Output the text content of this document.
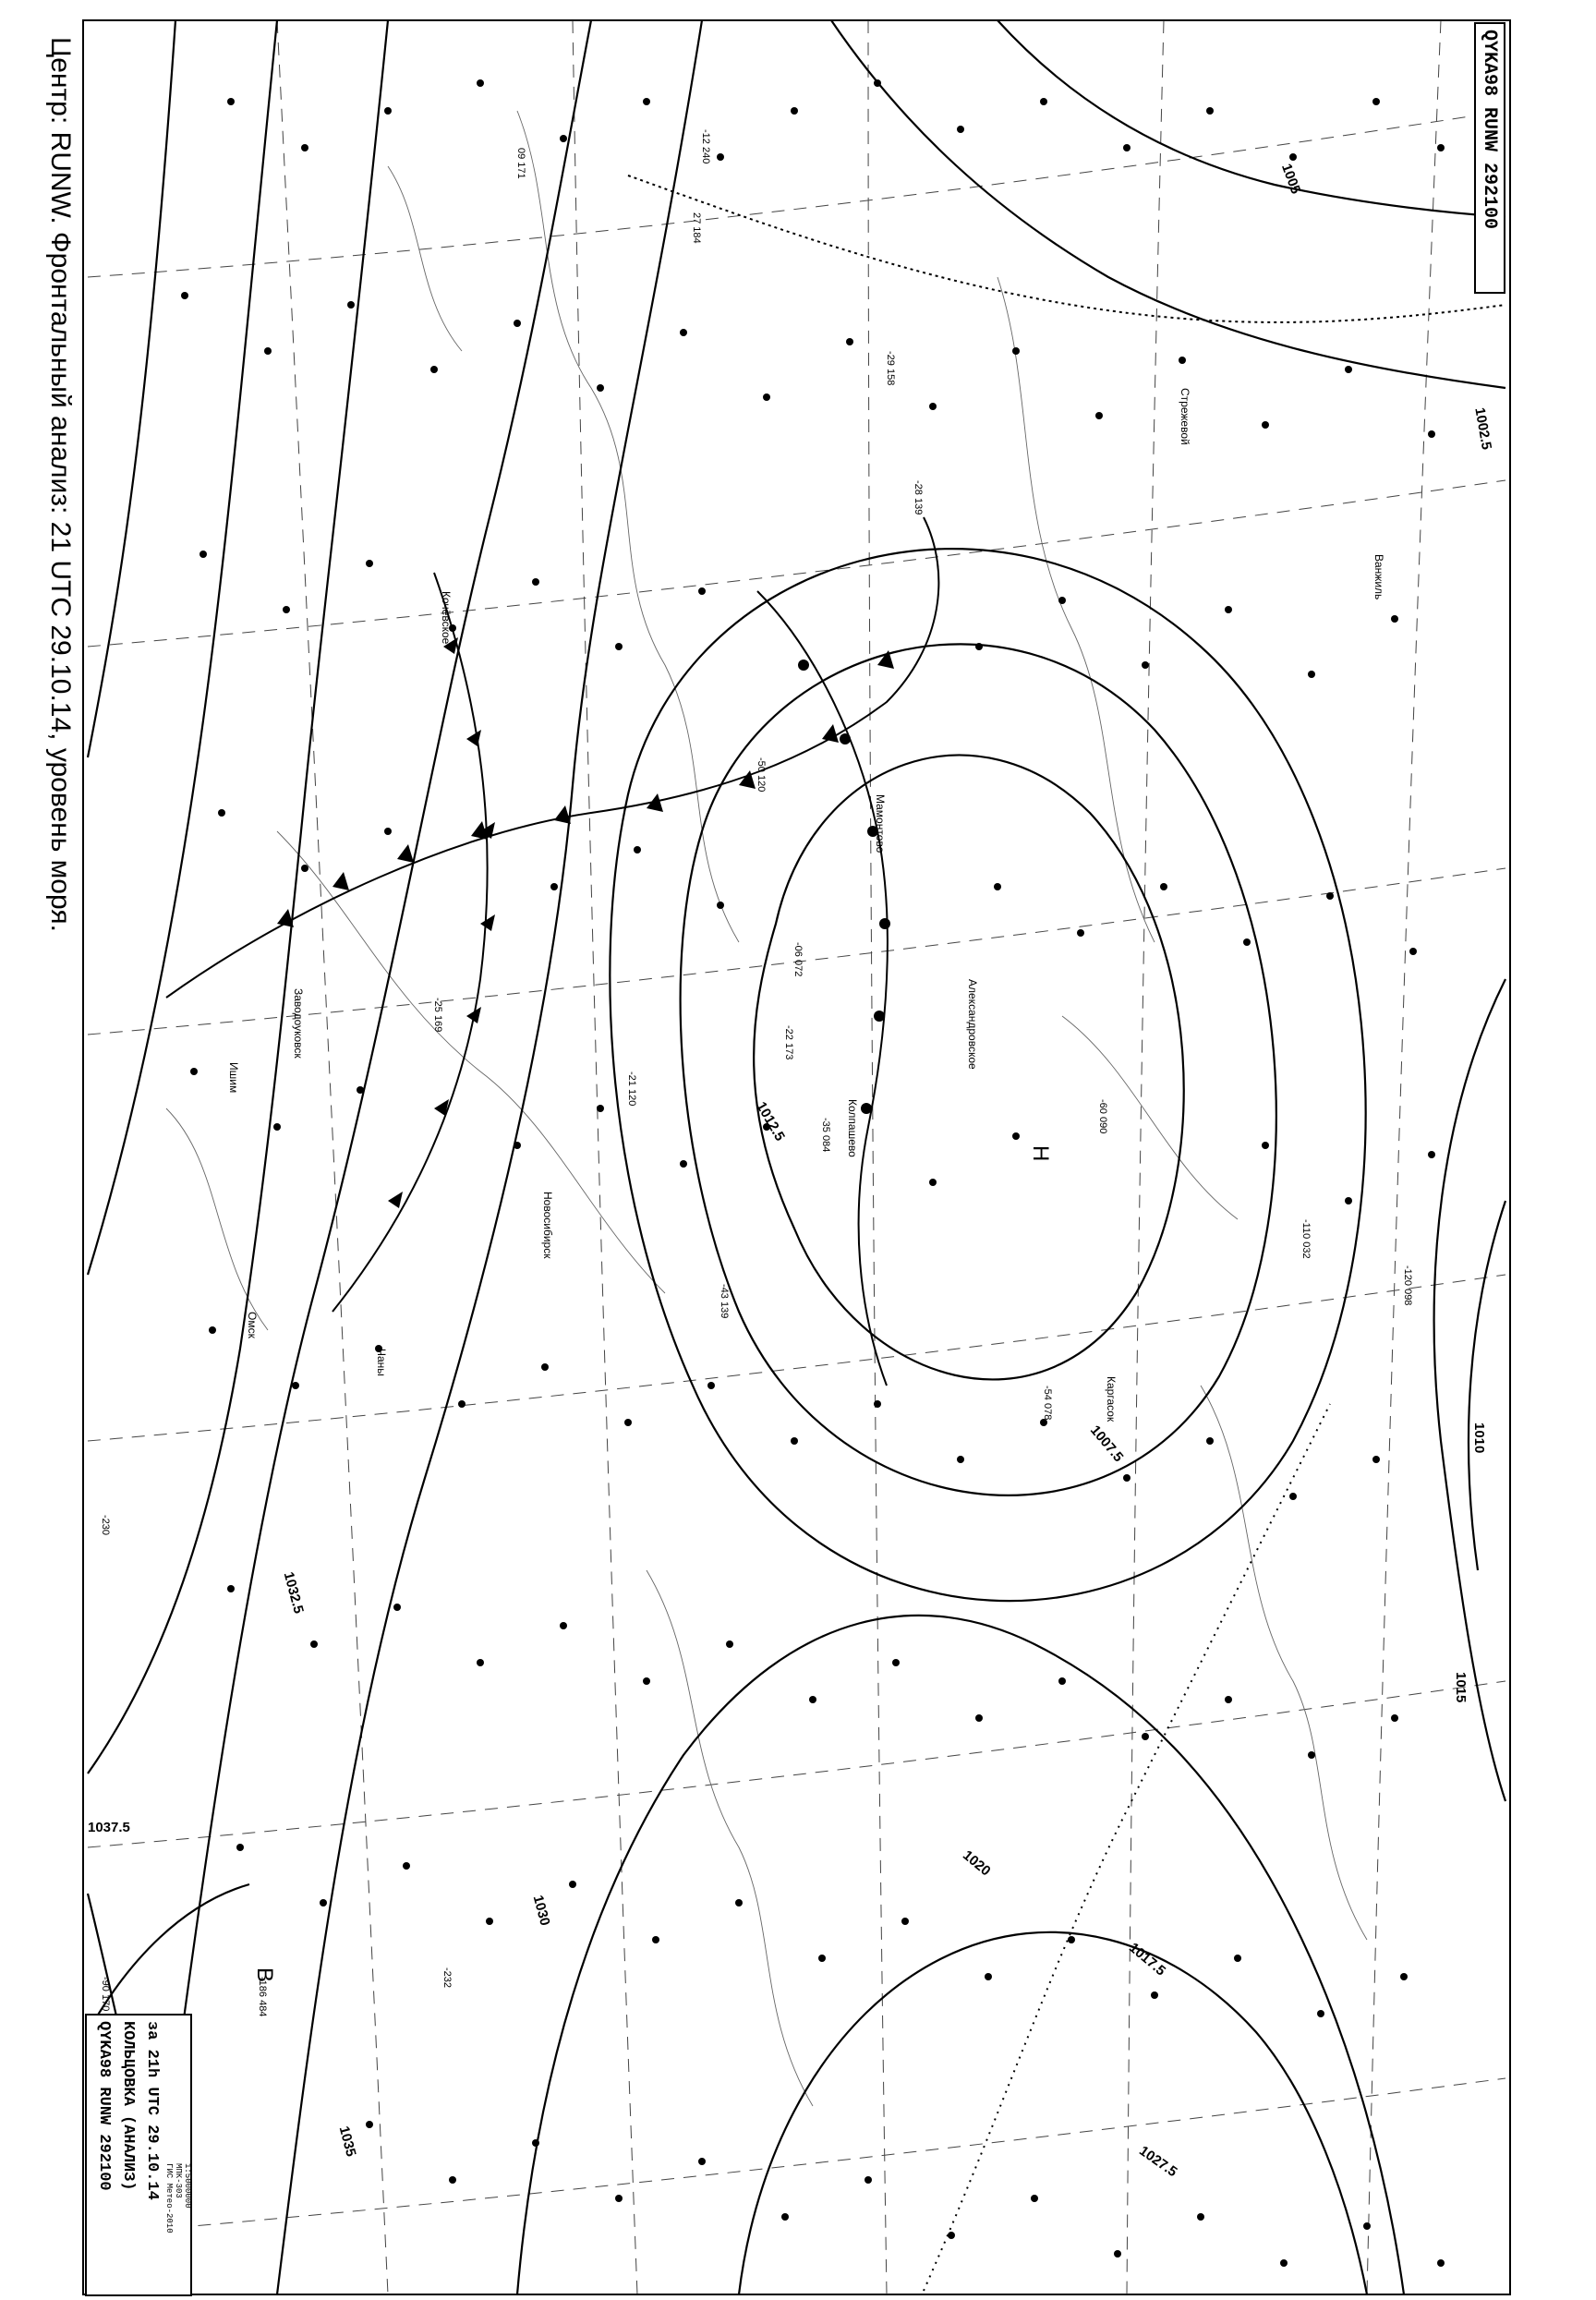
Центр: RUNW. Фронтальный анализ: 21 UTC 29.10.14, уровень моря.	QYKA98 RUNW 292100
QYKA98 RUNW 292100 КОЛЬЦОВКА (АНАЛИЗ) за 21h UTC 29.10.14 ГИС Метео-2010 МПК-303 1:5000000
Н
В
1005
1002.5
1010
1007.5
1012.5
1015
1020
1027.5
1030
1032.5
1035
1037.5
1017.5
Александровское
Кочёвское
Новосибирск
Колпашево
Каргасок
Заводоуковск
Ишим
Омск
Чаны
Ванжиль
Мамонтово
Стрежевой
-29 158
27 184
-06 072
-28 139
-21 120
-25 169
-43 139
-12 240
09 171
-50 120
-22 173
-35 084
-54 078
-60 090
-110 032
-120 098
-186 484	-232
-230
-90 170
